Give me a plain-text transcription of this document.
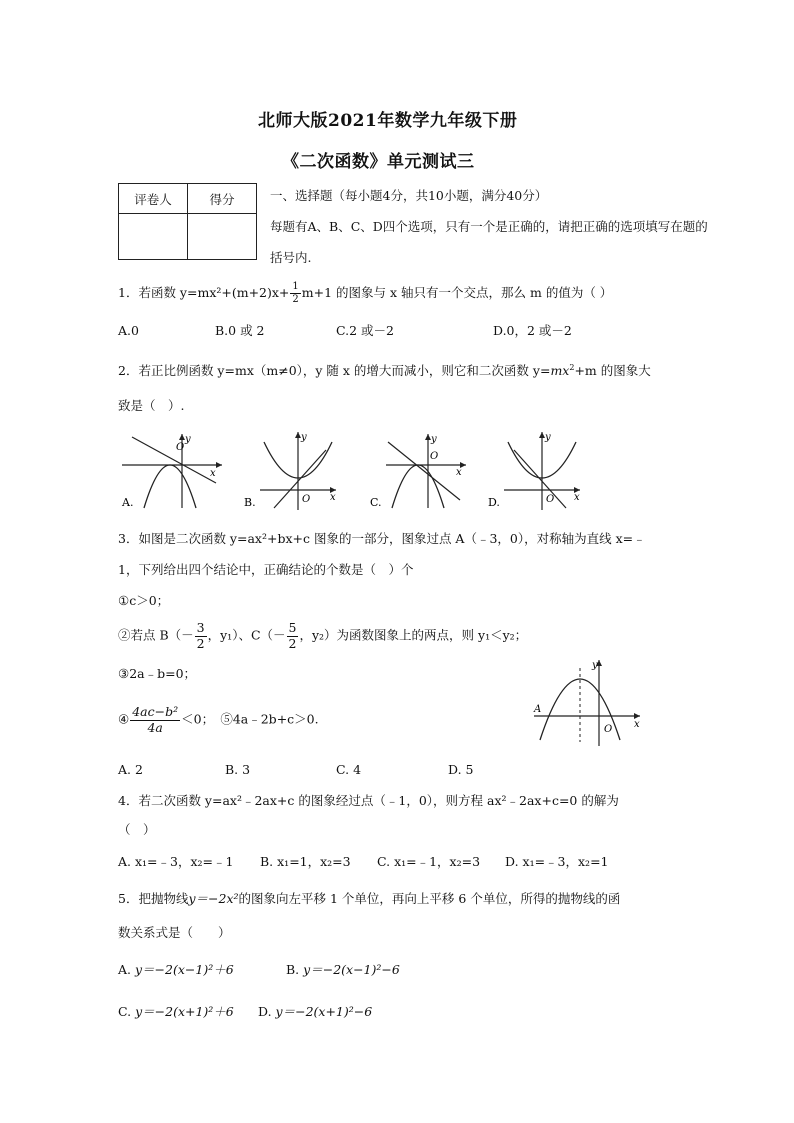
北师大版2021年数学九年级下册
《二次函数》单元测试三
评卷人	得分
		一、选择题（每小题4分，共10小题，满分40分）
每题有A、B、C、D四个选项，只有一个是正确的，请把正确的选项填写在题的
括号内.
1．若函数 $y=mx^2+(m+2)x+ \frac{1}{2} m+1$ 的图象与 x 轴只有一个交点，那么 m 的值为（ ）
A.0	B.0 或 2	C.2 或－2	D.0，2 或－2
2．若正比例函数 y=mx（m≠0），y 随 x 的增大而减小，则它和二次函数 $y=mx^2+m$ 的图象大
致是（　）.
O
x
y
A.	O x
y
B.
O
x
y
C.	O x
y
D.
3．如图是二次函数 y=ax²+bx+c 图象的一部分，图象过点 A（﹣3，0），对称轴为直线 x=﹣
1，下列给出四个结论中，正确结论的个数是（　）个
①c＞0；
②若点 $B(- \frac{3}{2}$ ，y₁）、$C(- \frac{5}{2}$ ，y₂）为函数图象上的两点，则 y₁＜y₂；
③2a﹣b=0；
④ $\frac{\text{4ac−b²}}{4a} <0$；　⑤4a﹣2b+c＞0.
A
O x
y
A. 2	B. 3	C. 4	D. 5
4．若二次函数 y=ax²﹣2ax+c 的图象经过点（﹣1，0），则方程 ax²﹣2ax+c=0 的解为
（　）
A. x₁=﹣3，x₂=﹣1 B. x₁=1，x₂=3 C. x₁=﹣1，x₂=3 D. x₁=﹣3，x₂=1
5．把抛物线y＝−2x²的图象向左平移 1 个单位，再向上平移 6 个单位，所得的抛物线的函
数关系式是（　　）
A. y＝−2(x−1)²＋6	B. y＝−2(x−1)²−6
C. y＝−2(x+1)²＋6 D. y＝−2(x+1)²−6
